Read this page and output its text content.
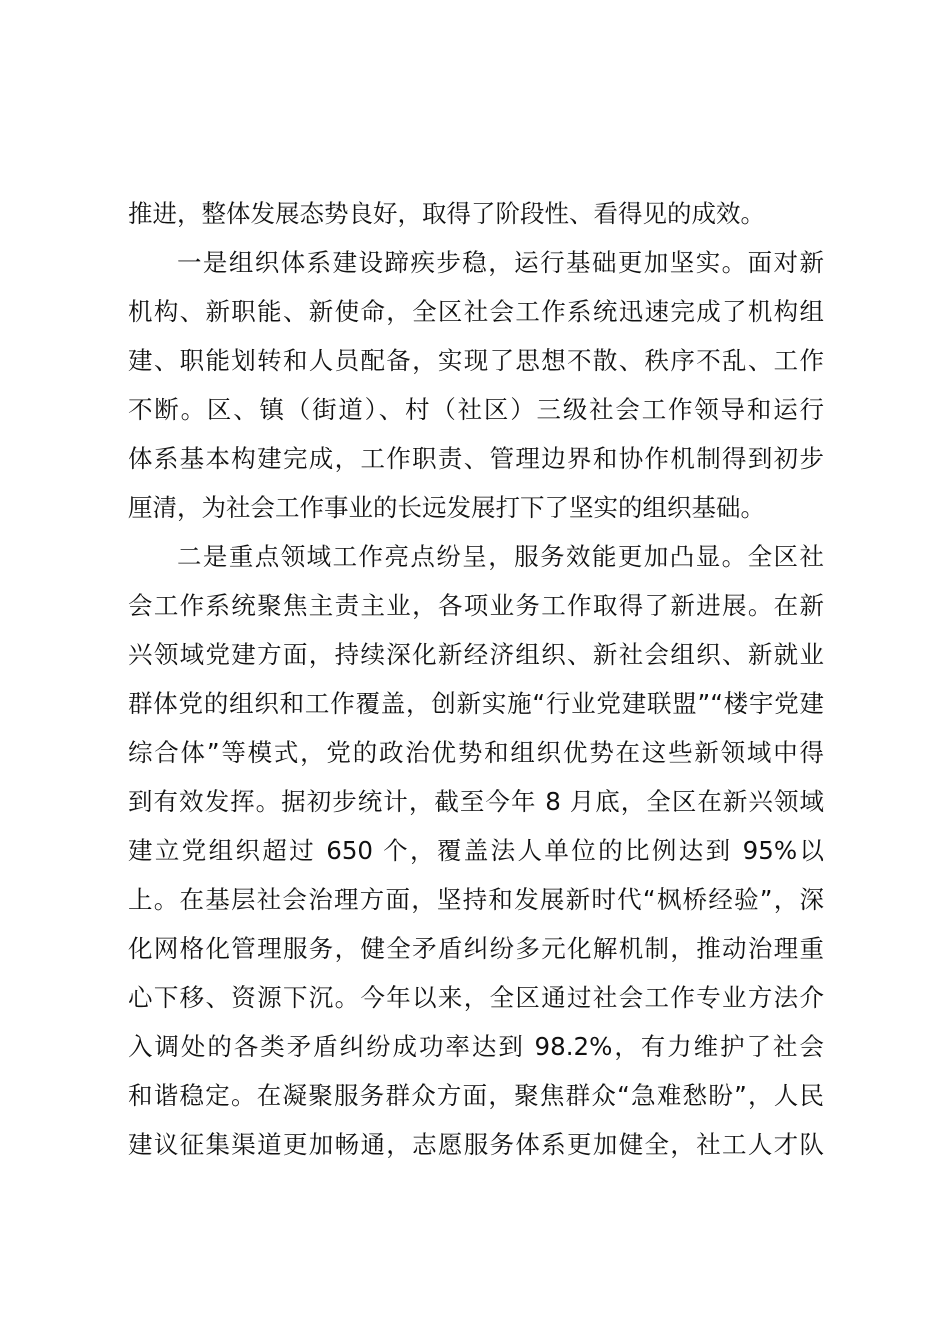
推进，整体发展态势良好，取得了阶段性、看得见的成效。
一是组织体系建设蹄疾步稳，运行基础更加坚实。面对新
机构、新职能、新使命，全区社会工作系统迅速完成了机构组
建、职能划转和人员配备，实现了思想不散、秩序不乱、工作
不断。区、镇（街道）、村（社区）三级社会工作领导和运行
体系基本构建完成，工作职责、管理边界和协作机制得到初步
厘清，为社会工作事业的长远发展打下了坚实的组织基础。
二是重点领域工作亮点纷呈，服务效能更加凸显。全区社
会工作系统聚焦主责主业，各项业务工作取得了新进展。在新
兴领域党建方面，持续深化新经济组织、新社会组织、新就业
群体党的组织和工作覆盖，创新实施“行业党建联盟”“楼宇党建
综合体”等模式，党的政治优势和组织优势在这些新领域中得
到有效发挥。据初步统计，截至今年 8 月底，全区在新兴领域
建立党组织超过 650 个，覆盖法人单位的比例达到 95%以
上。在基层社会治理方面，坚持和发展新时代“枫桥经验”，深
化网格化管理服务，健全矛盾纠纷多元化解机制，推动治理重
心下移、资源下沉。今年以来，全区通过社会工作专业方法介
入调处的各类矛盾纠纷成功率达到 98.2%，有力维护了社会
和谐稳定。在凝聚服务群众方面，聚焦群众“急难愁盼”，人民
建议征集渠道更加畅通，志愿服务体系更加健全，社工人才队
